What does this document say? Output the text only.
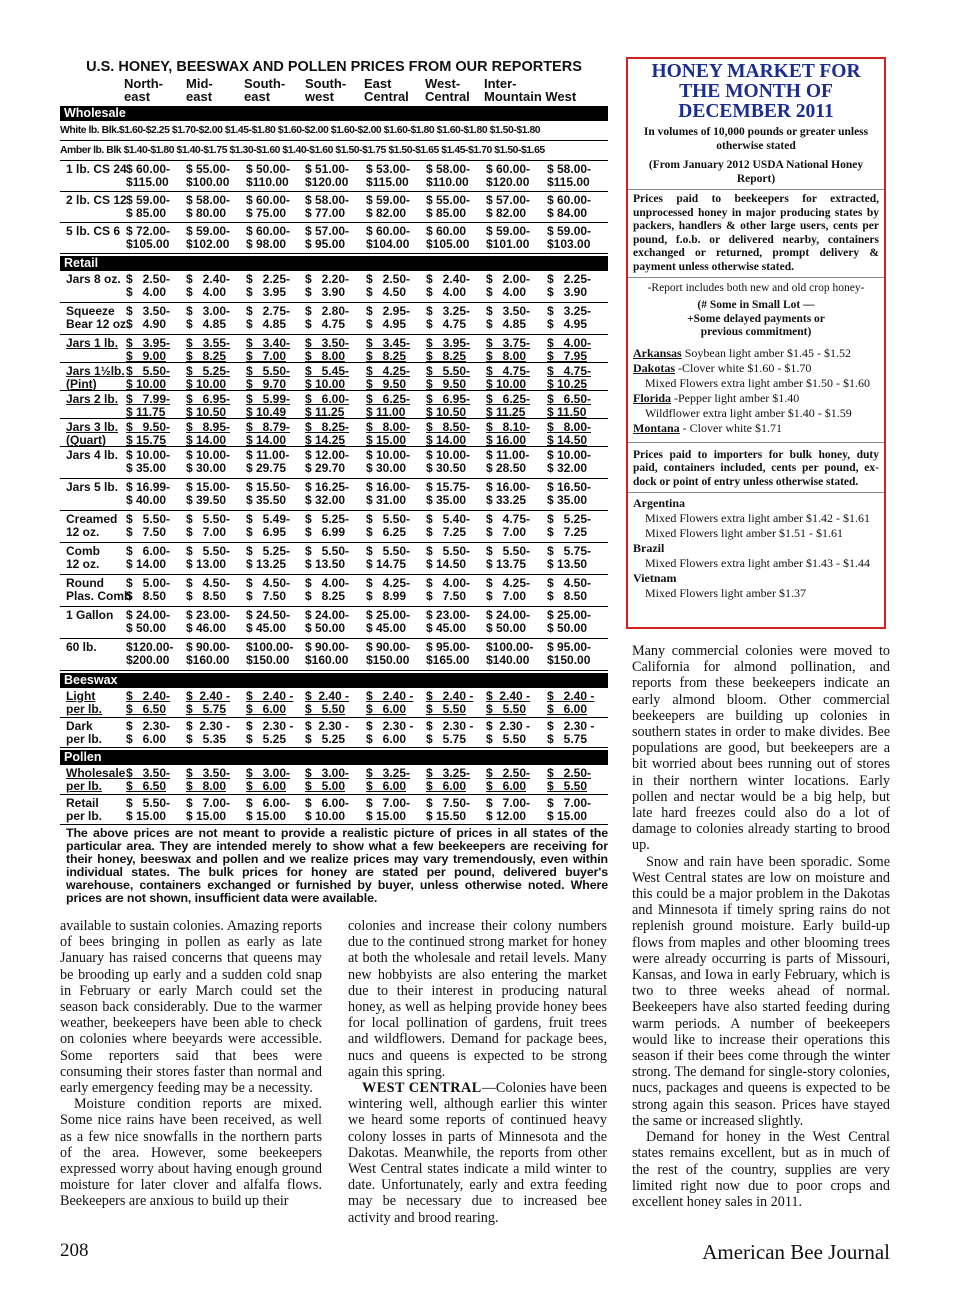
U.S. HONEY, BEESWAX AND POLLEN PRICES FROM OUR REPORTERS
North-
east
Mid-
east
South-
east
South-
west
East
Central
West-
Central
Inter-
Mountain West
Wholesale
White lb. Blk.$1.60-$2.25 $1.70-$2.00 $1.45-$1.80 $1.60-$2.00 $1.60-$2.00 $1.60-$1.80 $1.60-$1.80 $1.50-$1.80
Amber lb. Blk $1.40-$1.80 $1.40-$1.75 $1.30-$1.60 $1.40-$1.60 $1.50-$1.75 $1.50-$1.65 $1.45-$1.70 $1.50-$1.65
1 lb. CS 24 $ 60.00-
$115.00
$ 55.00-
$100.00
$ 50.00-
$110.00
$ 51.00-
$120.00
$ 53.00-
$115.00
$ 58.00-
$110.00
$ 60.00-
$120.00
$ 58.00-
$115.00
2 lb. CS 12 $ 59.00-
$ 85.00
$ 58.00-
$ 80.00
$ 60.00-
$ 75.00
$ 58.00-
$ 77.00
$ 59.00-
$ 82.00
$ 55.00-
$ 85.00
$ 57.00-
$ 82.00
$ 60.00-
$ 84.00
5 lb. CS 6 $ 72.00-
$105.00
$ 59.00-
$102.00
$ 60.00-
$ 98.00
$ 57.00-
$ 95.00
$ 60.00-
$104.00
$ 60.00
$105.00
$ 59.00-
$101.00
$ 59.00-
$103.00
Retail
Jars 8 oz. $   2.50-
$   4.00
$   2.40-
$   4.00
$   2.25-
$   3.95
$   2.20-
$   3.90
$   2.50-
$   4.50
$   2.40-
$   4.00
$   2.00-
$   4.00
$   2.25-
$   3.90
Squeeze
Bear 12 oz.
$   3.50-
$   4.90
$   3.00-
$   4.85
$   2.75-
$   4.85
$   2.80-
$   4.75
$   2.95-
$   4.95
$   3.25-
$   4.75
$   3.50-
$   4.85
$   3.25-
$   4.95
Jars 1 lb. $   3.95-
$   9.00
$   3.55-
$   8.25
$   3.40-
$   7.00
$   3.50-
$   8.00
$   3.45-
$   8.25
$   3.95-
$   8.25
$   3.75-
$   8.00
$   4.00-
$   7.95
Jars 1½lb.
(Pint)
$   5.50-
$ 10.00
$   5.25-
$ 10.00
$   5.50-
$   9.70
$   5.45-
$ 10.00
$   4.25-
$   9.50
$   5.50-
$   9.50
$   4.75-
$ 10.00
$   4.75-
$ 10.25
Jars 2 lb. $   7.99-
$ 11.75
$   6.95-
$ 10.50
$   5.99-
$ 10.49
$   6.00-
$ 11.25
$   6.25-
$ 11.00
$   6.95-
$ 10.50
$   6.25-
$ 11.25
$   6.50-
$ 11.50
Jars 3 lb.
(Quart)
$   9.50-
$ 15.75
$   8.95-
$ 14.00
$   8.79-
$ 14.00
$   8.25-
$ 14.25
$   8.00-
$ 15.00
$   8.50-
$ 14.00
$   8.10-
$ 16.00
$   8.00-
$ 14.50
Jars 4 lb. $ 10.00-
$ 35.00
$ 10.00-
$ 30.00
$ 11.00-
$ 29.75
$ 12.00-
$ 29.70
$ 10.00-
$ 30.00
$ 10.00-
$ 30.50
$ 11.00-
$ 28.50
$ 10.00-
$ 32.00
Jars 5 lb. $ 16.99-
$ 40.00
$ 15.00-
$ 39.50
$ 15.50-
$ 35.50
$ 16.25-
$ 32.00
$ 16.00-
$ 31.00
$ 15.75-
$ 35.00
$ 16.00-
$ 33.25
$ 16.50-
$ 35.00
Creamed
12 oz.
$   5.50-
$   7.50
$   5.50-
$   7.00
$   5.49-
$   6.95
$   5.25-
$   6.99
$   5.50-
$   6.25
$   5.40-
$   7.25
$   4.75-
$   7.00
$   5.25-
$   7.25
Comb
12 oz.
$   6.00-
$ 14.00
$   5.50-
$ 13.00
$   5.25-
$ 13.25
$   5.50-
$ 13.50
$   5.50-
$ 14.75
$   5.50-
$ 14.50
$   5.50-
$ 13.75
$   5.75-
$ 13.50
Round
Plas. Comb
$   5.00-
$   8.50
$   4.50-
$   8.50
$   4.50-
$   7.50
$   4.00-
$   8.25
$   4.25-
$   8.99
$   4.00-
$   7.50
$   4.25-
$   7.00
$   4.50-
$   8.50
1 Gallon $ 24.00-
$ 50.00
$ 23.00-
$ 46.00
$ 24.50-
$ 45.00
$ 24.00-
$ 50.00
$ 25.00-
$ 45.00
$ 23.00-
$ 45.00
$ 24.00-
$ 50.00
$ 25.00-
$ 50.00
60 lb. $120.00-
$200.00
$ 90.00-
$160.00
$100.00-
$150.00
$ 90.00-
$160.00
$ 90.00-
$150.00
$ 95.00-
$165.00
$100.00-
$140.00
$ 95.00-
$150.00
Beeswax
Light
per lb.
$   2.40-
$   6.50
$  2.40 -
$   5.75
$   2.40 -
$   6.00
$  2.40 -
$   5.50
$   2.40 -
$   6.00
$   2.40 -
$   5.50
$  2.40 -
$   5.50
$   2.40 -
$   6.00
Dark
per lb.
$   2.30-
$   6.00
$  2.30 -
$   5.35
$   2.30 -
$   5.25
$  2.30 -
$   5.25
$   2.30 -
$   6.00
$   2.30 -
$   5.75
$  2.30 -
$   5.50
$   2.30 -
$   5.75
Pollen
Wholesale
per lb.
$   3.50-
$   6.50
$   3.50-
$   8.00
$   3.00-
$   6.00
$   3.00-
$   5.00
$   3.25-
$   6.00
$   3.25-
$   6.00
$   2.50-
$   6.00
$   2.50-
$   5.50
Retail
per lb.
$   5.50-
$ 15.00
$   7.00-
$ 15.00
$   6.00-
$ 15.00
$   6.00-
$ 10.00
$   7.00-
$ 15.00
$   7.50-
$ 15.50
$   7.00-
$ 12.00
$   7.00-
$ 15.00

The above prices are not meant to provide a realistic picture of prices in all states of the particular area. They are intended merely to show what a few beekeepers are receiving for their honey, beeswax and pollen and we realize prices may vary tremendously, even within individual states. The bulk prices for honey are stated per pound, delivered buyer's warehouse, containers exchanged or furnished by buyer, unless otherwise noted. Where prices are not shown, insufficient data were available.

HONEY MARKET FOR THE MONTH OF DECEMBER 2011
In volumes of 10,000 pounds or greater unless otherwise stated
(From January 2012 USDA National Honey Report)
Prices paid to beekeepers for extracted, unprocessed honey in major producing states by packers, handlers & other large users, cents per pound, f.o.b. or delivered nearby, containers exchanged or returned, prompt delivery & payment unless otherwise stated.
-Report includes both new and old crop honey-
(# Some in Small Lot —
+Some delayed payments or
previous commitment)
Arkansas Soybean light amber $1.45 - $1.52
Dakotas -Clover white $1.60 - $1.70
Mixed Flowers extra light amber $1.50 - $1.60
Florida -Pepper light amber $1.40
Wildflower extra light amber $1.40 - $1.59
Montana - Clover white $1.71
Prices paid to importers for bulk honey, duty paid, containers included, cents per pound, ex-dock or point of entry unless otherwise stated.
Argentina
Mixed Flowers extra light amber $1.42 - $1.61
Mixed Flowers light amber $1.51 - $1.61
Brazil
Mixed Flowers extra light amber $1.43 - $1.44
Vietnam
Mixed Flowers light amber $1.37

available to sustain colonies. Amazing reports of bees bringing in pollen as early as late January has raised concerns that queens may be brooding up early and a sudden cold snap in February or early March could set the season back considerably. Due to the warmer weather, beekeepers have been able to check on colonies where beeyards were accessible. Some reporters said that bees were consuming their stores faster than normal and early emergency feeding may be a necessity.

Moisture condition reports are mixed. Some nice rains have been received, as well as a few nice snowfalls in the northern parts of the area. However, some beekeepers expressed worry about having enough ground moisture for later clover and alfalfa flows. Beekeepers are anxious to build up their

colonies and increase their colony numbers due to the continued strong market for honey at both the wholesale and retail levels. Many new hobbyists are also entering the market due to their interest in producing natural honey, as well as helping provide honey bees for local pollination of gardens, fruit trees and wildflowers. Demand for package bees, nucs and queens is expected to be strong again this spring.

WEST CENTRAL—Colonies have been wintering well, although earlier this winter we heard some reports of continued heavy colony losses in parts of Minnesota and the Dakotas. Meanwhile, the reports from other West Central states indicate a mild winter to date. Unfortunately, early and extra feeding may be necessary due to increased bee activity and brood rearing.

Many commercial colonies were moved to California for almond pollination, and reports from these beekeepers indicate an early almond bloom. Other commercial beekeepers are building up colonies in southern states in order to make divides. Bee populations are good, but beekeepers are a bit worried about bees running out of stores in their northern winter locations. Early pollen and nectar would be a big help, but late hard freezes could also do a lot of damage to colonies already starting to brood up.

Snow and rain have been sporadic. Some West Central states are low on moisture and this could be a major problem in the Dakotas and Minnesota if timely spring rains do not replenish ground moisture. Early build-up flows from maples and other blooming trees were already occurring is parts of Missouri, Kansas, and Iowa in early February, which is two to three weeks ahead of normal. Beekeepers have also started feeding during warm periods. A number of beekeepers would like to increase their operations this season if their bees come through the winter strong. The demand for single-story colonies, nucs, packages and queens is expected to be strong again this season. Prices have stayed the same or increased slightly.

Demand for honey in the West Central states remains excellent, but as in much of the rest of the country, supplies are very limited right now due to poor crops and excellent honey sales in 2011.

208	American Bee Journal
